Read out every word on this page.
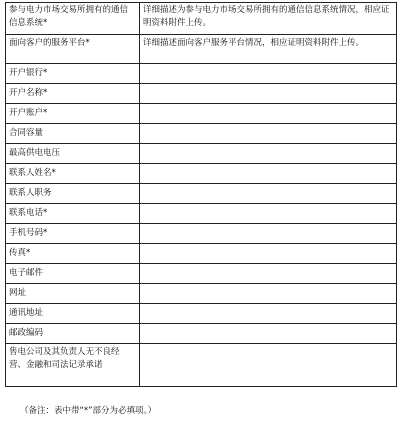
参与电力市场交易所拥有的通信信息系统*	详细描述为参与电力市场交易所拥有的通信信息系统情况，相应证明资料附件上传。
面向客户的服务平台*	详细描述面向客户服务平台情况，相应证明资料附件上传。
开户银行*	
开户名称*	
开户账户*	
合同容量	
最高供电电压	
联系人姓名*	
联系人职务	
联系电话*	
手机号码*	
传真*	
电子邮件	
网址	
通讯地址	
邮政编码	
售电公司及其负责人无不良经营、金融和司法记录承诺	
（备注：表中带“*”部分为必填项。）
